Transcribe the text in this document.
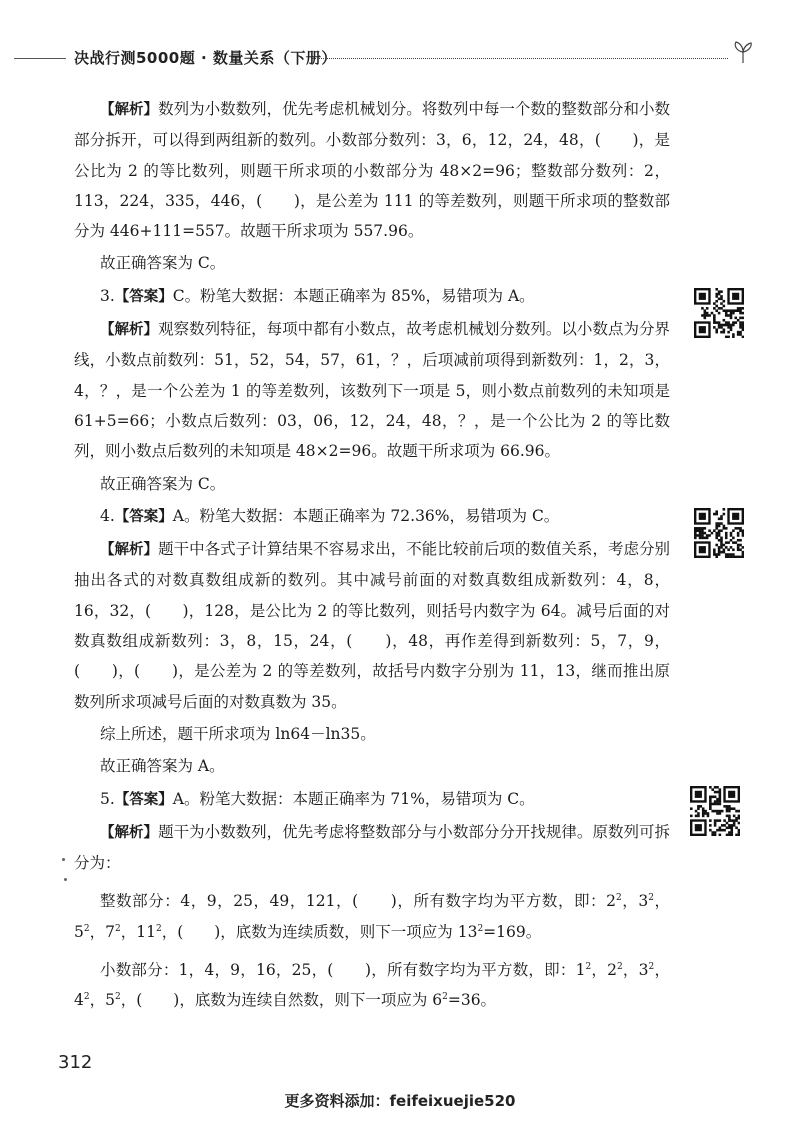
决战行测5000题 · 数量关系（下册）

【解析】数列为小数数列，优先考虑机械划分。将数列中每一个数的整数部分和小数部分拆开，可以得到两组新的数列。小数部分数列：3，6，12，24，48，(　　)，是公比为 2 的等比数列，则题干所求项的小数部分为 48×2=96；整数部分数列：2，113，224，335，446，(　　)，是公差为 111 的等差数列，则题干所求项的整数部分为 446+111=557。故题干所求项为 557.96。

故正确答案为 C。

3.【答案】C。粉笔大数据：本题正确率为 85%，易错项为 A。

【解析】观察数列特征，每项中都有小数点，故考虑机械划分数列。以小数点为分界线，小数点前数列：51，52，54，57，61，？，后项减前项得到新数列：1，2，3，4，？，是一个公差为 1 的等差数列，该数列下一项是 5，则小数点前数列的未知项是 61+5=66；小数点后数列：03，06，12，24，48，？，是一个公比为 2 的等比数列，则小数点后数列的未知项是 48×2=96。故题干所求项为 66.96。

故正确答案为 C。

4.【答案】A。粉笔大数据：本题正确率为 72.36%，易错项为 C。

【解析】题干中各式子计算结果不容易求出，不能比较前后项的数值关系，考虑分别抽出各式的对数真数组成新的数列。其中减号前面的对数真数组成新数列：4，8，16，32，(　　)，128，是公比为 2 的等比数列，则括号内数字为 64。减号后面的对数真数组成新数列：3，8，15，24，(　　)，48，再作差得到新数列：5，7，9，(　　)，(　　)，是公差为 2 的等差数列，故括号内数字分别为 11，13，继而推出原数列所求项减号后面的对数真数为 35。

综上所述，题干所求项为 ln64－ln35。

故正确答案为 A。

5.【答案】A。粉笔大数据：本题正确率为 71%，易错项为 C。

【解析】题干为小数数列，优先考虑将整数部分与小数部分分开找规律。原数列可拆分为：

整数部分：4，9，25，49，121，(　　)，所有数字均为平方数，即：$2^2$，$3^2$，$5^2$，$7^2$，$11^2$，(　　)，底数为连续质数，则下一项应为 $13^2=169$。

小数部分：1，4，9，16，25，(　　)，所有数字均为平方数，即：$1^2$，$2^2$，$3^2$，$4^2$，$5^2$，(　　)，底数为连续自然数，则下一项应为 $6^2=36$。

312
更多资料添加：feifeixuejie520
